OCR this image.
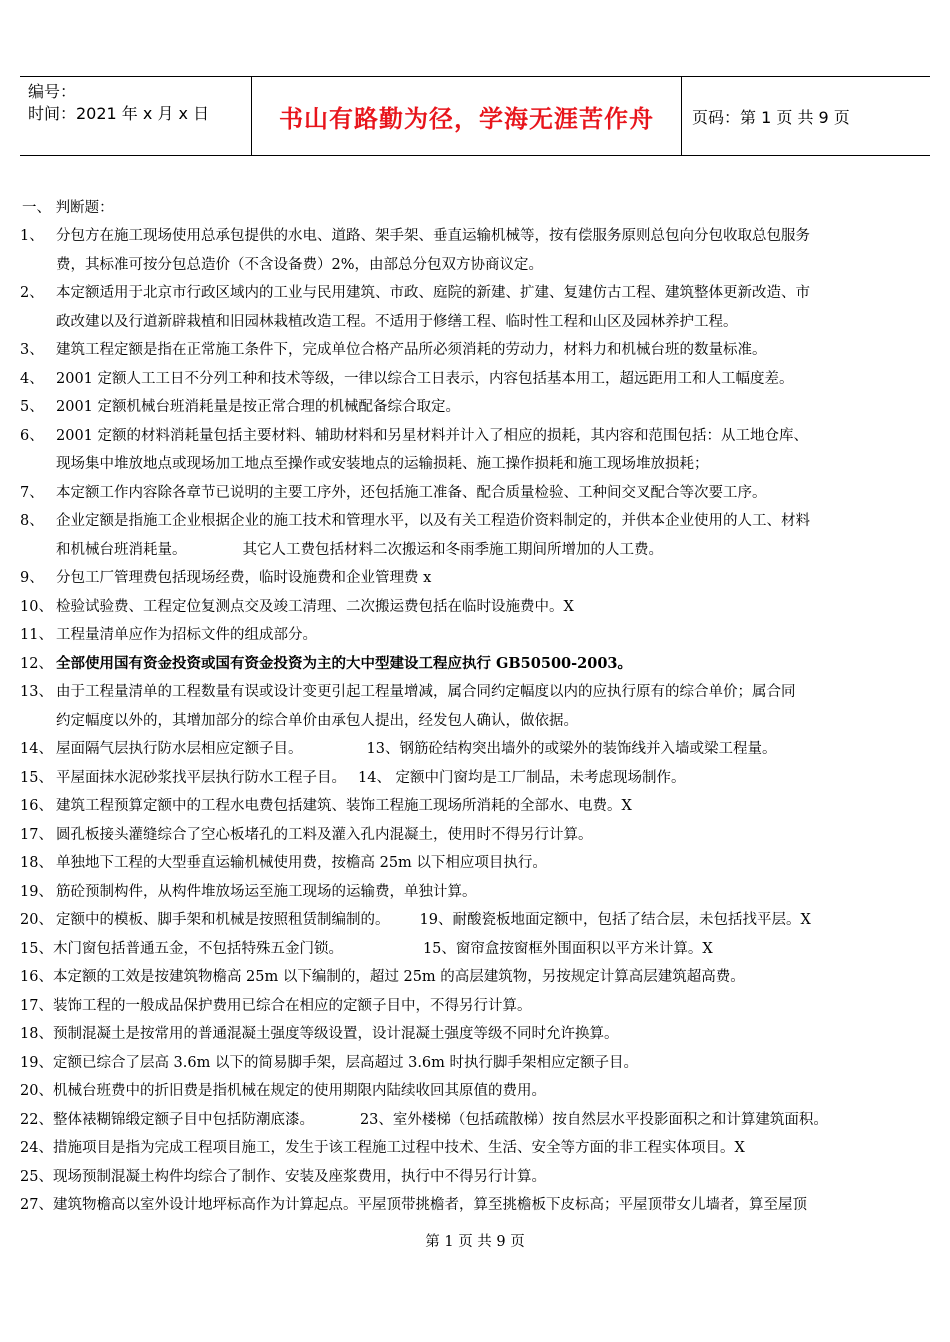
编号：
时间：2021 年 x 月 x 日	书山有路勤为径，学海无涯苦作舟 页码：第 1 页 共 9 页
一、 判断题：
1、 分包方在施工现场使用总承包提供的水电、道路、架手架、垂直运输机械等，按有偿服务原则总包向分包收取总包服务
费，其标准可按分包总造价（不含设备费）2%，由部总分包双方协商议定。
2、 本定额适用于北京市行政区域内的工业与民用建筑、市政、庭院的新建、扩建、复建仿古工程、建筑整体更新改造、市
政改建以及行道新辟栽植和旧园林栽植改造工程。不适用于修缮工程、临时性工程和山区及园林养护工程。
3、 建筑工程定额是指在正常施工条件下，完成单位合格产品所必须消耗的劳动力，材料力和机械台班的数量标准。
4、 2001 定额人工工日不分列工种和技术等级，一律以综合工日表示，内容包括基本用工，超远距用工和人工幅度差。
5、 2001 定额机械台班消耗量是按正常合理的机械配备综合取定。
6、 2001 定额的材料消耗量包括主要材料、辅助材料和另星材料并计入了相应的损耗，其内容和范围包括：从工地仓库、
现场集中堆放地点或现场加工地点至操作或安装地点的运输损耗、施工操作损耗和施工现场堆放损耗；
7、 本定额工作内容除各章节已说明的主要工序外，还包括施工准备、配合质量检验、工种间交叉配合等次要工序。
8、 企业定额是指施工企业根据企业的施工技术和管理水平，以及有关工程造价资料制定的，并供本企业使用的人工、材料
和机械台班消耗量。	其它人工费包括材料二次搬运和冬雨季施工期间所增加的人工费。
9、 分包工厂管理费包括现场经费，临时设施费和企业管理费 x
10、 检验试验费、工程定位复测点交及竣工清理、二次搬运费包括在临时设施费中。X
11、 工程量清单应作为招标文件的组成部分。
12、 全部使用国有资金投资或国有资金投资为主的大中型建设工程应执行 GB50500-2003。
13、 由于工程量清单的工程数量有误或设计变更引起工程量增减，属合同约定幅度以内的应执行原有的综合单价；属合同
约定幅度以外的，其增加部分的综合单价由承包人提出，经发包人确认，做依据。
14、 屋面隔气层执行防水层相应定额子目。	13、钢筋砼结构突出墙外的或梁外的装饰线并入墙或梁工程量。
15、 平屋面抹水泥砂浆找平层执行防水工程子目。 14、 定额中门窗均是工厂制品，未考虑现场制作。
16、 建筑工程预算定额中的工程水电费包括建筑、装饰工程施工现场所消耗的全部水、电费。X
17、 圆孔板接头灌缝综合了空心板堵孔的工料及灌入孔内混凝土，使用时不得另行计算。
18、 单独地下工程的大型垂直运输机械使用费，按檐高 25m 以下相应项目执行。
19、 筋砼预制构件，从构件堆放场运至施工现场的运输费，单独计算。
20、 定额中的模板、脚手架和机械是按照租赁制编制的。 19、耐酸瓷板地面定额中，包括了结合层，未包括找平层。X
15、木门窗包括普通五金，不包括特殊五金门锁。	15、窗帘盒按窗框外围面积以平方米计算。X
16、本定额的工效是按建筑物檐高 25m 以下编制的，超过 25m 的高层建筑物，另按规定计算高层建筑超高费。
17、装饰工程的一般成品保护费用已综合在相应的定额子目中，不得另行计算。
18、预制混凝土是按常用的普通混凝土强度等级设置，设计混凝土强度等级不同时允许换算。
19、定额已综合了层高 3.6m 以下的简易脚手架，层高超过 3.6m 时执行脚手架相应定额子目。
20、机械台班费中的折旧费是指机械在规定的使用期限内陆续收回其原值的费用。
22、整体裱糊锦缎定额子目中包括防潮底漆。	23、室外楼梯（包括疏散梯）按自然层水平投影面积之和计算建筑面积。
24、措施项目是指为完成工程项目施工，发生于该工程施工过程中技术、生活、安全等方面的非工程实体项目。X
25、现场预制混凝土构件均综合了制作、安装及座浆费用，执行中不得另行计算。
27、建筑物檐高以室外设计地坪标高作为计算起点。平屋顶带挑檐者，算至挑檐板下皮标高；平屋顶带女儿墙者，算至屋顶
第 1 页 共 9 页
